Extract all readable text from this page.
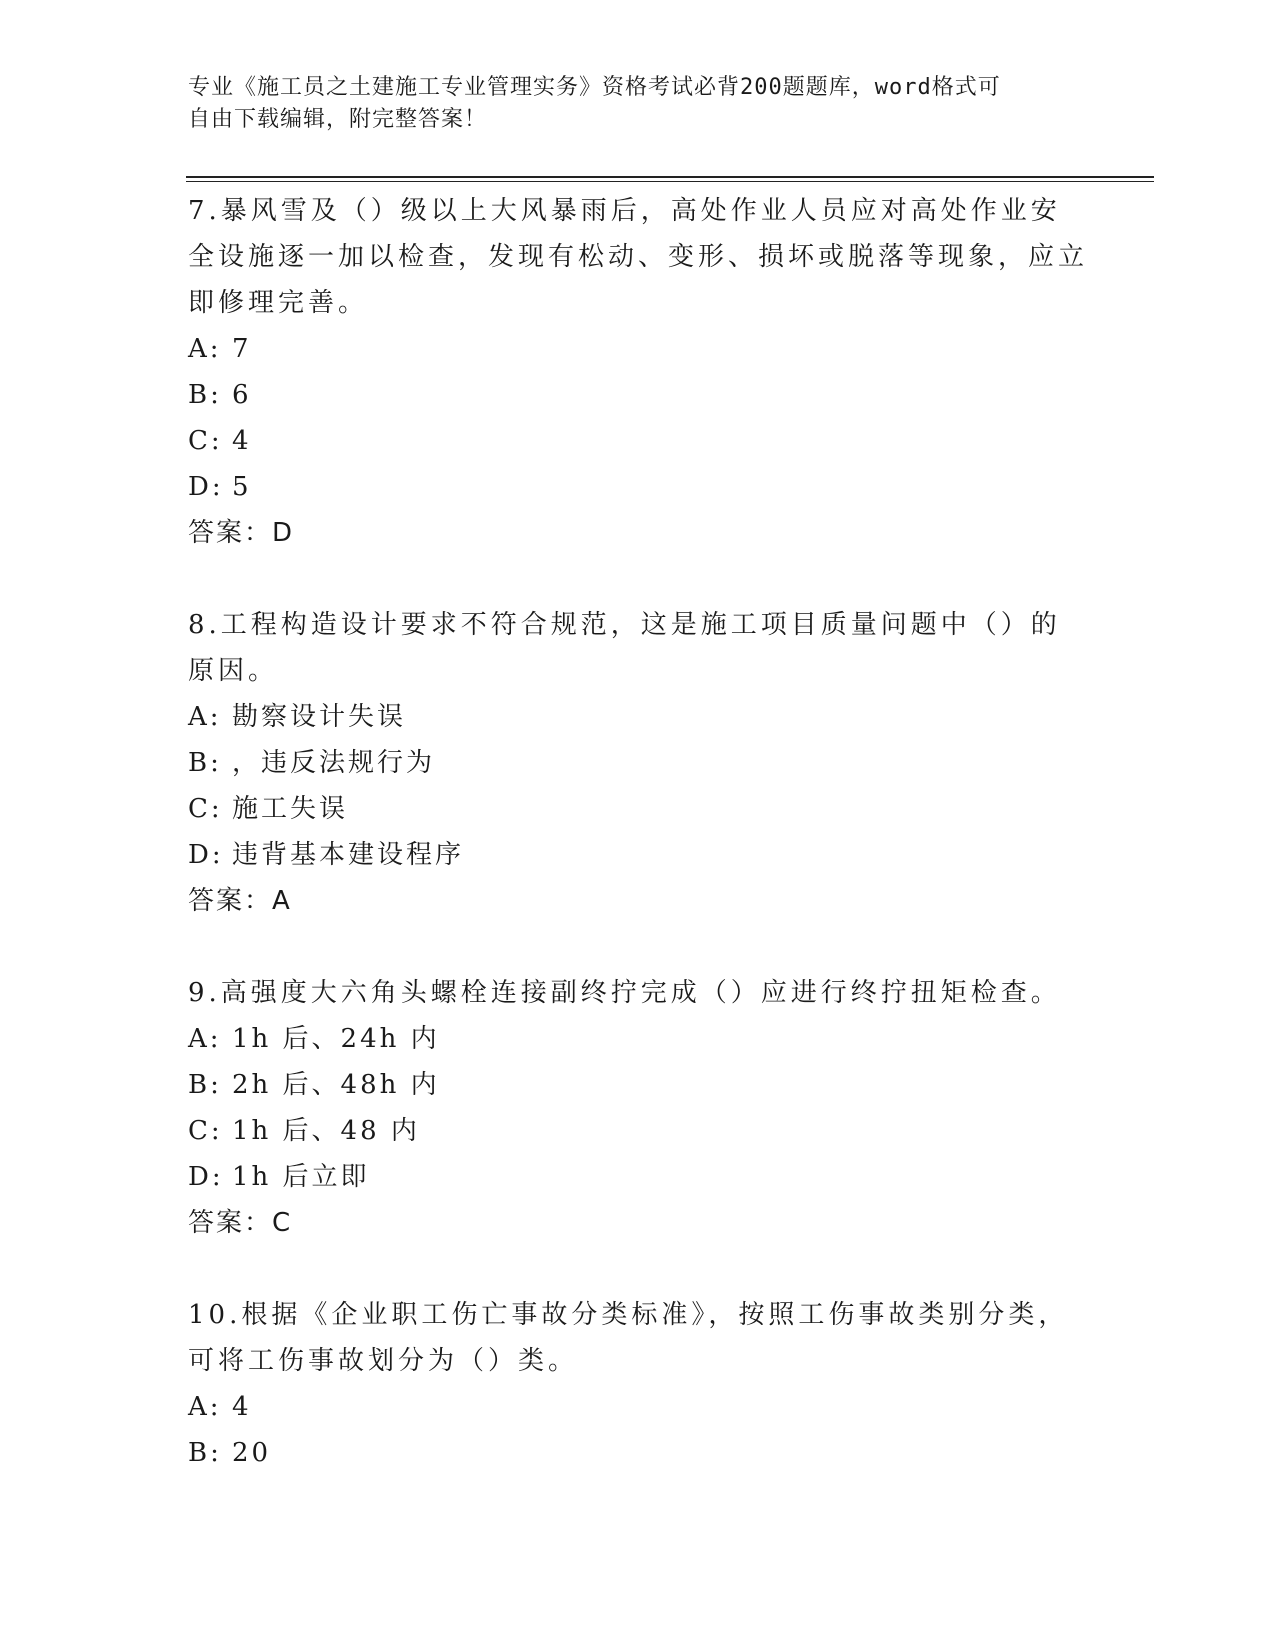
专业《施工员之土建施工专业管理实务》资格考试必背200题题库，word格式可
自由下载编辑，附完整答案！

7.暴风雪及（）级以上大风暴雨后，高处作业人员应对高处作业安全设施逐一加以检查，发现有松动、变形、损坏或脱落等现象，应立即修理完善。

A: 7

B: 6

C: 4

D: 5

答案：D

8.工程构造设计要求不符合规范，这是施工项目质量问题中（）的原因。

A: 勘察设计失误

B: ，违反法规行为

C: 施工失误

D: 违背基本建设程序

答案：A

9.高强度大六角头螺栓连接副终拧完成（）应进行终拧扭矩检查。

A: 1h 后、24h 内

B: 2h 后、48h 内

C: 1h 后、48 内

D: 1h 后立即

答案：C

10.根据《企业职工伤亡事故分类标准》，按照工伤事故类别分类，可将工伤事故划分为（）类。

A: 4

B: 20
